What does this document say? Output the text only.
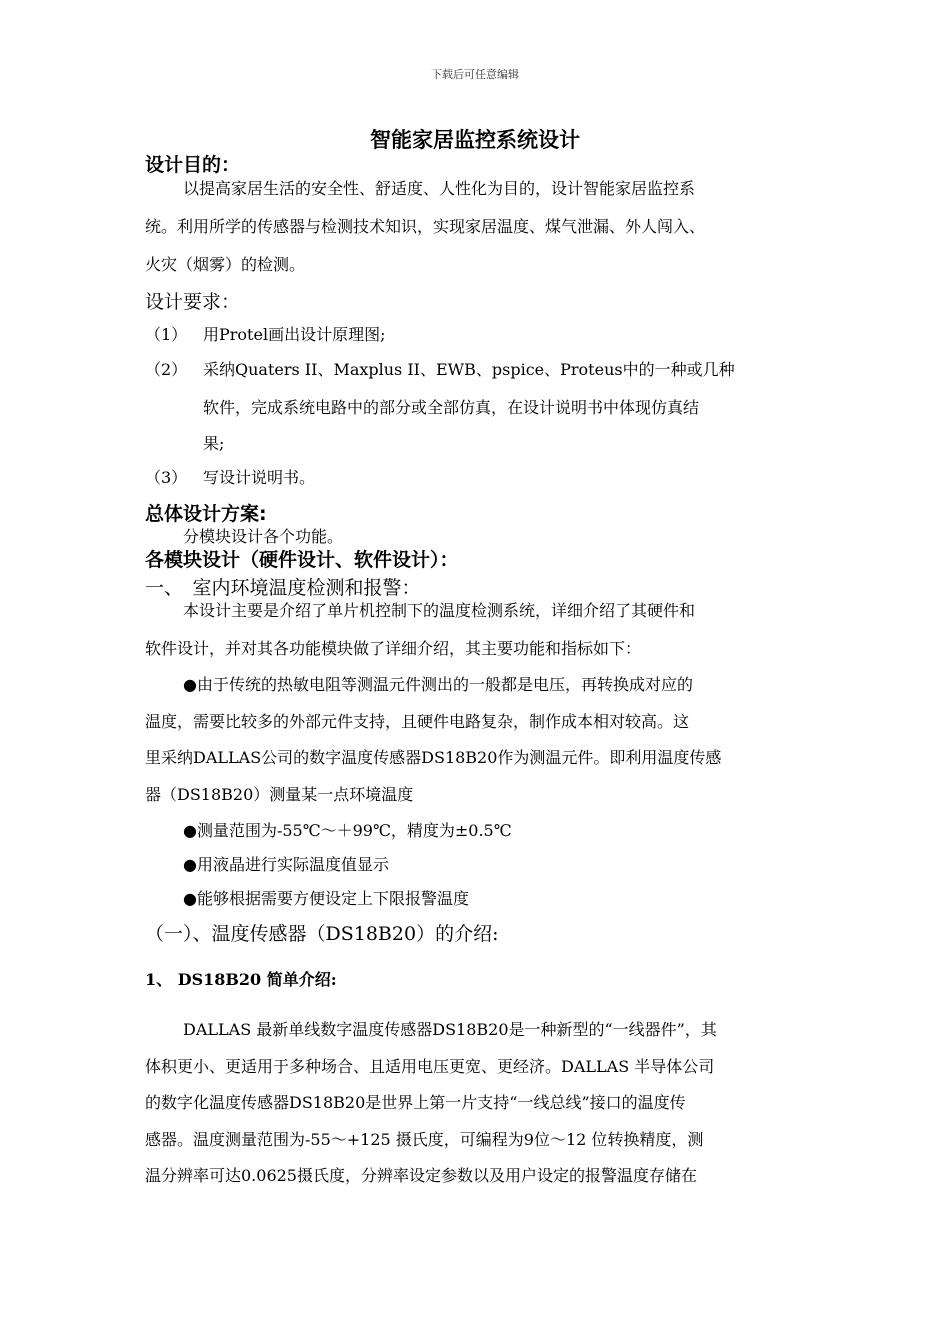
下载后可任意编辑
智能家居监控系统设计
设计目的：
以提高家居生活的安全性、舒适度、人性化为目的，设计智能家居监控系
统。利用所学的传感器与检测技术知识，实现家居温度、煤气泄漏、外人闯入、
火灾（烟雾）的检测。
设计要求：
（1） 用Protel画出设计原理图;
（2） 采纳Quaters II、Maxplus II、EWB、pspice、Proteus中的一种或几种
软件，完成系统电路中的部分或全部仿真，在设计说明书中体现仿真结
果;
（3） 写设计说明书。
总体设计方案:
分模块设计各个功能。
各模块设计（硬件设计、软件设计）：
一、　室内环境温度检测和报警：
本设计主要是介绍了单片机控制下的温度检测系统，详细介绍了其硬件和
软件设计，并对其各功能模块做了详细介绍，其主要功能和指标如下：
●由于传统的热敏电阻等测温元件测出的一般都是电压，再转换成对应的
温度，需要比较多的外部元件支持，且硬件电路复杂，制作成本相对较高。这
里采纳DALLAS公司的数字温度传感器DS18B20作为测温元件。即利用温度传感
器（DS18B20）测量某一点环境温度
●测量范围为-55℃～＋99℃，精度为±0.5℃
●用液晶进行实际温度值显示
●能够根据需要方便设定上下限报警温度
（一）、温度传感器（DS18B20）的介绍:
1、 DS18B20 简单介绍:
DALLAS 最新单线数字温度传感器DS18B20是一种新型的“一线器件”，其
体积更小、更适用于多种场合、且适用电压更宽、更经济。DALLAS 半导体公司
的数字化温度传感器DS18B20是世界上第一片支持“一线总线”接口的温度传
感器。温度测量范围为-55～+125 摄氏度，可编程为9位～12 位转换精度，测
温分辨率可达0.0625摄氏度，分辨率设定参数以及用户设定的报警温度存储在
